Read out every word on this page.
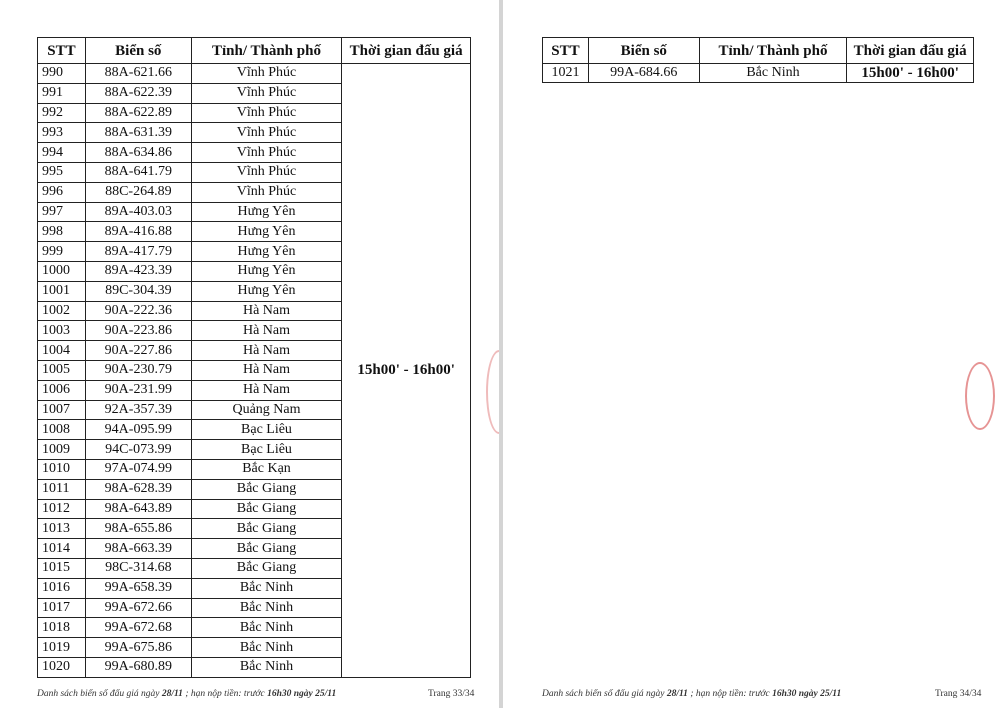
STT	Biển số	Tỉnh/ Thành phố	Thời gian đấu giá
990	88A-621.66	Vĩnh Phúc	15h00' - 16h00'
991	88A-622.39	Vĩnh Phúc	
992	88A-622.89	Vĩnh Phúc	
993	88A-631.39	Vĩnh Phúc	
994	88A-634.86	Vĩnh Phúc	
995	88A-641.79	Vĩnh Phúc	
996	88C-264.89	Vĩnh Phúc	
997	89A-403.03	Hưng Yên	
998	89A-416.88	Hưng Yên	
999	89A-417.79	Hưng Yên	
1000	89A-423.39	Hưng Yên	
1001	89C-304.39	Hưng Yên	
1002	90A-222.36	Hà Nam	
1003	90A-223.86	Hà Nam	
1004	90A-227.86	Hà Nam	
1005	90A-230.79	Hà Nam	
1006	90A-231.99	Hà Nam	
1007	92A-357.39	Quảng Nam	
1008	94A-095.99	Bạc Liêu	
1009	94C-073.99	Bạc Liêu	
1010	97A-074.99	Bắc Kạn	
1011	98A-628.39	Bắc Giang	
1012	98A-643.89	Bắc Giang	
1013	98A-655.86	Bắc Giang	
1014	98A-663.39	Bắc Giang	
1015	98C-314.68	Bắc Giang	
1016	99A-658.39	Bắc Ninh	
1017	99A-672.66	Bắc Ninh	
1018	99A-672.68	Bắc Ninh	
1019	99A-675.86	Bắc Ninh	
1020	99A-680.89	Bắc Ninh	
Danh sách biển số đấu giá ngày 28/11 ; hạn nộp tiền: trước 16h30 ngày 25/11	Trang 33/34
STT	Biển số	Tỉnh/ Thành phố	Thời gian đấu giá
1021	99A-684.66	Bắc Ninh	15h00' - 16h00'
Danh sách biển số đấu giá ngày 28/11 ; hạn nộp tiền: trước 16h30 ngày 25/11	Trang 34/34
